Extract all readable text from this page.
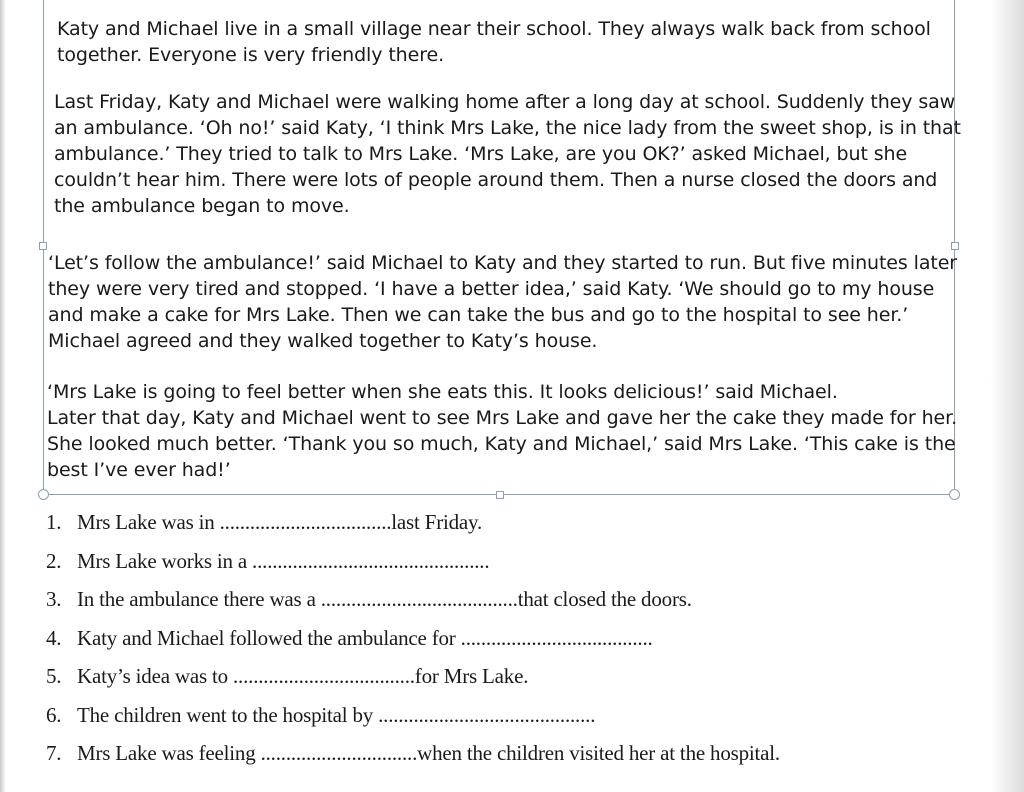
Katy and Michael live in a small village near their school. They always walk back from school
together. Everyone is very friendly there.

Last Friday, Katy and Michael were walking home after a long day at school. Suddenly they saw
an ambulance. ‘Oh no!’ said Katy, ‘I think Mrs Lake, the nice lady from the sweet shop, is in that
ambulance.’ They tried to talk to Mrs Lake. ‘Mrs Lake, are you OK?’ asked Michael, but she
couldn’t hear him. There were lots of people around them. Then a nurse closed the doors and
the ambulance began to move.

‘Let’s follow the ambulance!’ said Michael to Katy and they started to run. But five minutes later
they were very tired and stopped. ‘I have a better idea,’ said Katy. ‘We should go to my house
and make a cake for Mrs Lake. Then we can take the bus and go to the hospital to see her.’
Michael agreed and they walked together to Katy’s house.

‘Mrs Lake is going to feel better when she eats this. It looks delicious!’ said Michael.
Later that day, Katy and Michael went to see Mrs Lake and gave her the cake they made for her.
She looked much better. ‘Thank you so much, Katy and Michael,’ said Mrs Lake. ‘This cake is the
best I’ve ever had!’

1. Mrs Lake was in ..................................last Friday.
2. Mrs Lake works in a ...............................................
3. In the ambulance there was a .......................................that closed the doors.
4. Katy and Michael followed the ambulance for ......................................
5. Katy’s idea was to ....................................for Mrs Lake.
6. The children went to the hospital by ...........................................
7. Mrs Lake was feeling ...............................when the children visited her at the hospital.
